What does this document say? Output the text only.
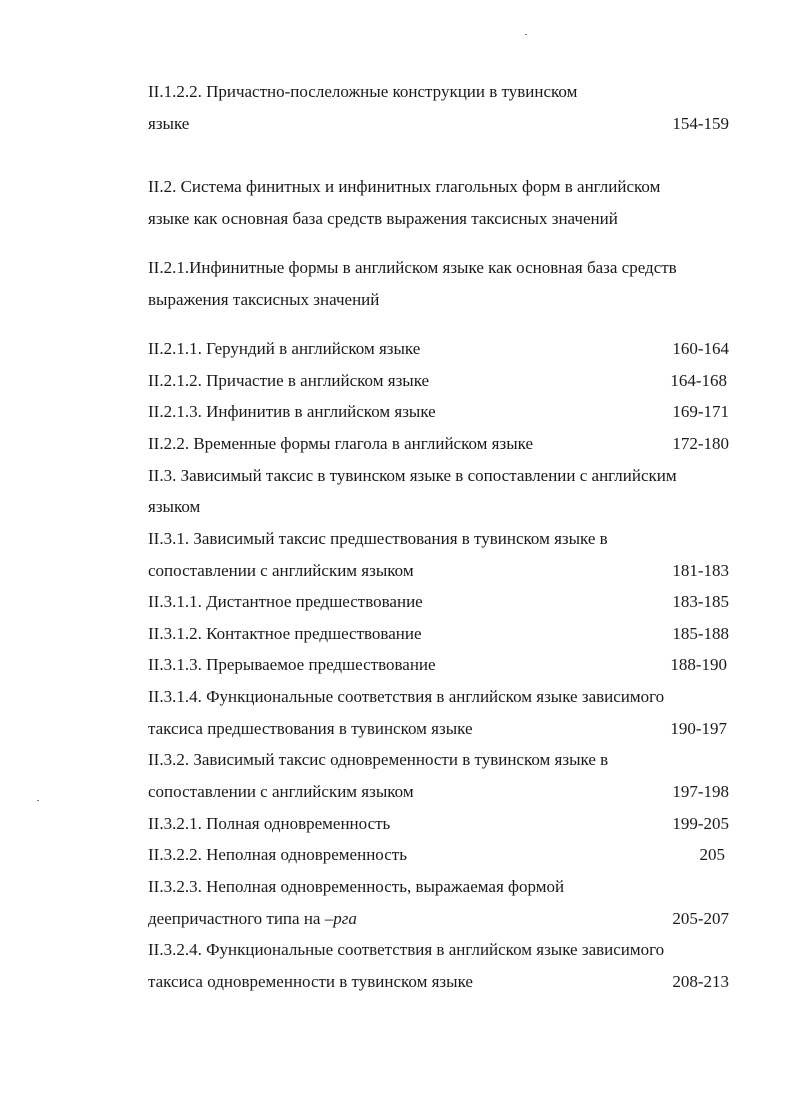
II.1.2.2. Причастно-послеложные конструкции в тувинском
языке	154-159
II.2. Система финитных и инфинитных глагольных форм в английском
языке как основная база средств выражения таксисных значений
II.2.1.Инфинитные формы в английском языке как основная база средств
выражения таксисных значений
II.2.1.1. Герундий в английском языке	160-164
II.2.1.2. Причастие в английском языке	164-168
II.2.1.3. Инфинитив в английском языке	169-171
II.2.2. Временные формы глагола в английском языке	172-180
II.3. Зависимый таксис в тувинском языке в сопоставлении с английским
языком
II.3.1. Зависимый таксис предшествования в тувинском языке в
сопоставлении с английским языком	181-183
II.3.1.1. Дистантное предшествование	183-185
II.3.1.2. Контактное предшествование	185-188
II.3.1.3. Прерываемое предшествование	188-190
II.3.1.4. Функциональные соответствия в английском языке зависимого
таксиса предшествования в тувинском языке	190-197
II.3.2. Зависимый таксис одновременности в тувинском языке в
сопоставлении с английским языком	197-198
II.3.2.1. Полная одновременность	199-205
II.3.2.2. Неполная одновременность	205
II.3.2.3. Неполная одновременность, выражаемая формой
деепричастного типа на –рга	205-207
II.3.2.4. Функциональные соответствия в английском языке зависимого
таксиса одновременности в тувинском языке	208-213
